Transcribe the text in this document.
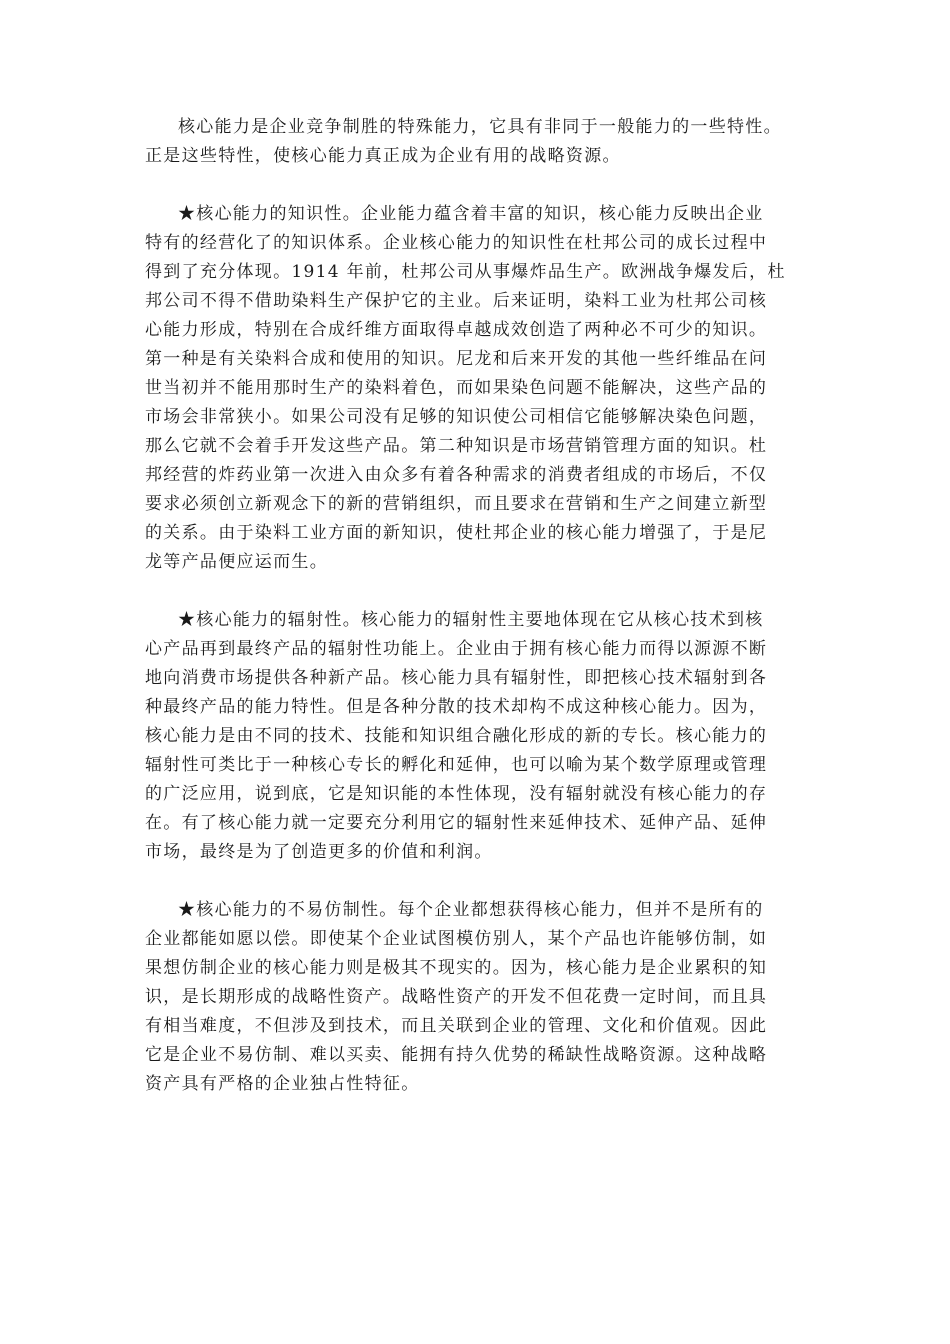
核心能力是企业竞争制胜的特殊能力，它具有非同于一般能力的一些特性。
正是这些特性，使核心能力真正成为企业有用的战略资源。

★核心能力的知识性。企业能力蕴含着丰富的知识，核心能力反映出企业
特有的经营化了的知识体系。企业核心能力的知识性在杜邦公司的成长过程中
得到了充分体现。1914 年前，杜邦公司从事爆炸品生产。欧洲战争爆发后，杜
邦公司不得不借助染料生产保护它的主业。后来证明，染料工业为杜邦公司核
心能力形成，特别在合成纤维方面取得卓越成效创造了两种必不可少的知识。
第一种是有关染料合成和使用的知识。尼龙和后来开发的其他一些纤维品在问
世当初并不能用那时生产的染料着色，而如果染色问题不能解决，这些产品的
市场会非常狭小。如果公司没有足够的知识使公司相信它能够解决染色问题，
那么它就不会着手开发这些产品。第二种知识是市场营销管理方面的知识。杜
邦经营的炸药业第一次进入由众多有着各种需求的消费者组成的市场后，不仅
要求必须创立新观念下的新的营销组织，而且要求在营销和生产之间建立新型
的关系。由于染料工业方面的新知识，使杜邦企业的核心能力增强了，于是尼
龙等产品便应运而生。

★核心能力的辐射性。核心能力的辐射性主要地体现在它从核心技术到核
心产品再到最终产品的辐射性功能上。企业由于拥有核心能力而得以源源不断
地向消费市场提供各种新产品。核心能力具有辐射性，即把核心技术辐射到各
种最终产品的能力特性。但是各种分散的技术却构不成这种核心能力。因为，
核心能力是由不同的技术、技能和知识组合融化形成的新的专长。核心能力的
辐射性可类比于一种核心专长的孵化和延伸，也可以喻为某个数学原理或管理
的广泛应用，说到底，它是知识能的本性体现，没有辐射就没有核心能力的存
在。有了核心能力就一定要充分利用它的辐射性来延伸技术、延伸产品、延伸
市场，最终是为了创造更多的价值和利润。

★核心能力的不易仿制性。每个企业都想获得核心能力，但并不是所有的
企业都能如愿以偿。即使某个企业试图模仿别人，某个产品也许能够仿制，如
果想仿制企业的核心能力则是极其不现实的。因为，核心能力是企业累积的知
识，是长期形成的战略性资产。战略性资产的开发不但花费一定时间，而且具
有相当难度，不但涉及到技术，而且关联到企业的管理、文化和价值观。因此
它是企业不易仿制、难以买卖、能拥有持久优势的稀缺性战略资源。这种战略
资产具有严格的企业独占性特征。
